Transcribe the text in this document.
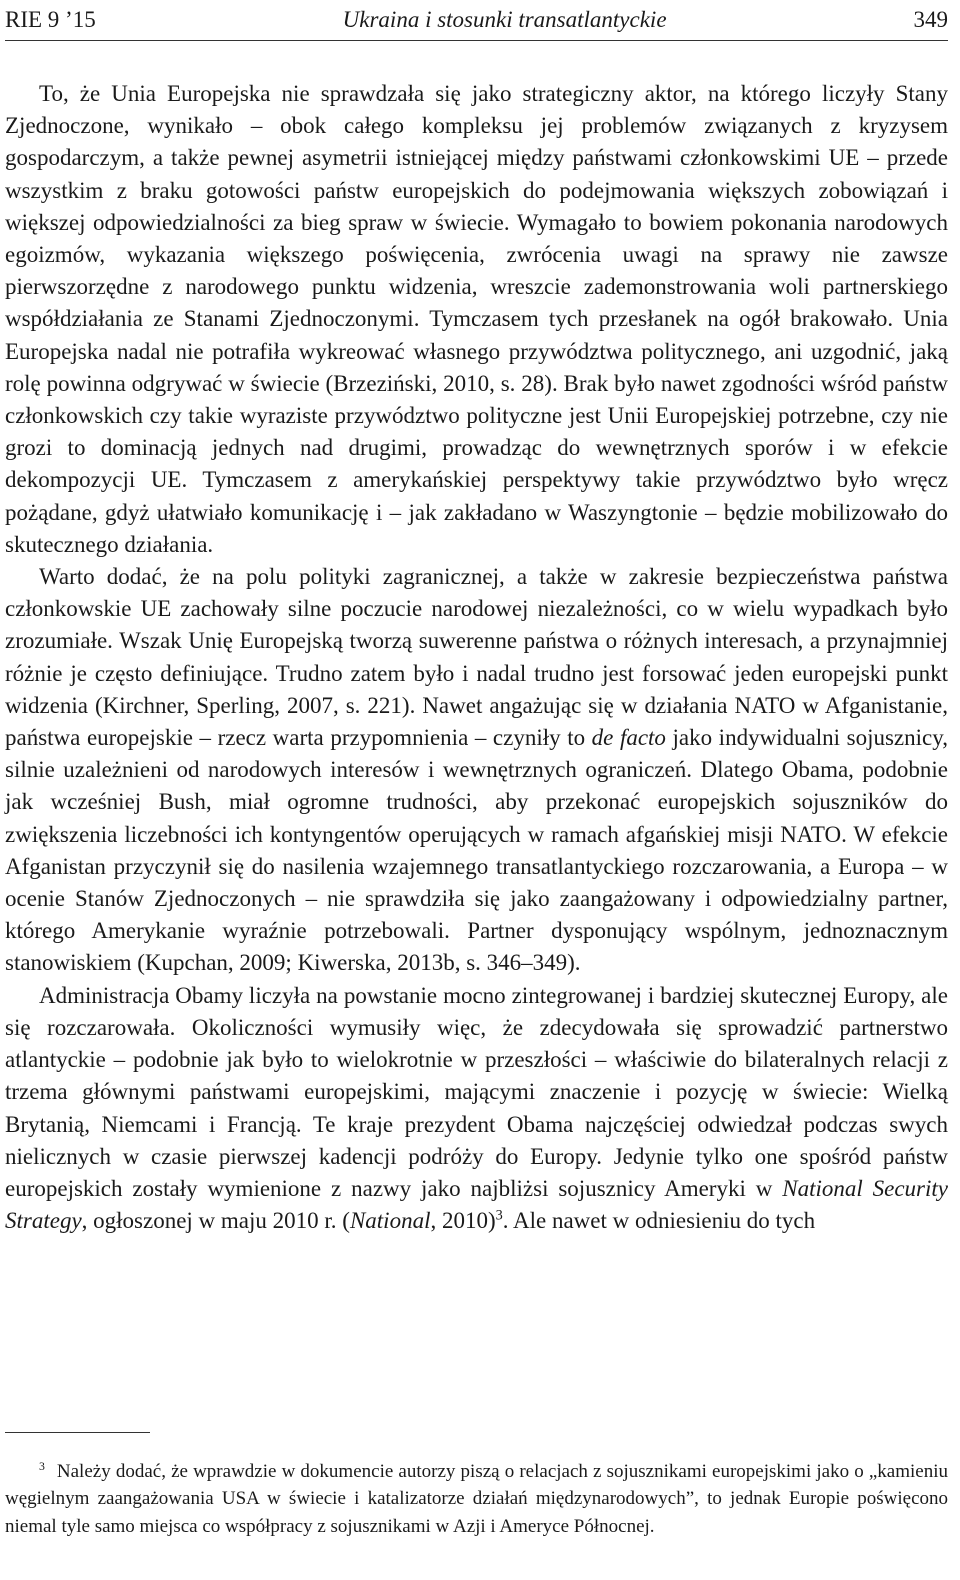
RIE 9 ’15	Ukraina i stosunki transatlantyckie	349

To, że Unia Europejska nie sprawdzała się jako strategiczny aktor, na którego liczyły Stany Zjednoczone, wynikało – obok całego kompleksu jej problemów związanych z kryzysem gospodarczym, a także pewnej asymetrii istniejącej między państwami członkowskimi UE – przede wszystkim z braku gotowości państw europejskich do podejmowania większych zobowiązań i większej odpowiedzialności za bieg spraw w świecie. Wymagało to bowiem pokonania narodowych egoizmów, wykazania większego poświęcenia, zwrócenia uwagi na sprawy nie zawsze pierwszorzędne z narodowego punktu widzenia, wreszcie zademonstrowania woli partnerskiego współdziałania ze Stanami Zjednoczonymi. Tymczasem tych przesłanek na ogół brakowało. Unia Europejska nadal nie potrafiła wykreować własnego przywództwa politycznego, ani uzgodnić, jaką rolę powinna odgrywać w świecie (Brzeziński, 2010, s. 28). Brak było nawet zgodności wśród państw członkowskich czy takie wyraziste przywództwo polityczne jest Unii Europejskiej potrzebne, czy nie grozi to dominacją jednych nad drugimi, prowadząc do wewnętrznych sporów i w efekcie dekompozycji UE. Tymczasem z amerykańskiej perspektywy takie przywództwo było wręcz pożądane, gdyż ułatwiało komunikację i – jak zakładano w Waszyngtonie – będzie mobilizowało do skutecznego działania.

Warto dodać, że na polu polityki zagranicznej, a także w zakresie bezpieczeństwa państwa członkowskie UE zachowały silne poczucie narodowej niezależności, co w wielu wypadkach było zrozumiałe. Wszak Unię Europejską tworzą suwerenne państwa o różnych interesach, a przynajmniej różnie je często definiujące. Trudno zatem było i nadal trudno jest forsować jeden europejski punkt widzenia (Kirchner, Sperling, 2007, s. 221). Nawet angażując się w działania NATO w Afganistanie, państwa europejskie – rzecz warta przypomnienia – czyniły to de facto jako indywidualni sojusznicy, silnie uzależnieni od narodowych interesów i wewnętrznych ograniczeń. Dlatego Obama, podobnie jak wcześniej Bush, miał ogromne trudności, aby przekonać europejskich sojuszników do zwiększenia liczebności ich kontyngentów operujących w ramach afgańskiej misji NATO. W efekcie Afganistan przyczynił się do nasilenia wzajemnego transatlantyckiego rozczarowania, a Europa – w ocenie Stanów Zjednoczonych – nie sprawdziła się jako zaangażowany i odpowiedzialny partner, którego Amerykanie wyraźnie potrzebowali. Partner dysponujący wspólnym, jednoznacznym stanowiskiem (Kupchan, 2009; Kiwerska, 2013b, s. 346–349).

Administracja Obamy liczyła na powstanie mocno zintegrowanej i bardziej skutecznej Europy, ale się rozczarowała. Okoliczności wymusiły więc, że zdecydowała się sprowadzić partnerstwo atlantyckie – podobnie jak było to wielokrotnie w przeszłości – właściwie do bilateralnych relacji z trzema głównymi państwami europejskimi, mającymi znaczenie i pozycję w świecie: Wielką Brytanią, Niemcami i Francją. Te kraje prezydent Obama najczęściej odwiedzał podczas swych nielicznych w czasie pierwszej kadencji podróży do Europy. Jedynie tylko one spośród państw europejskich zostały wymienione z nazwy jako najbliżsi sojusznicy Ameryki w National Security Strategy, ogłoszonej w maju 2010 r. (National, 2010)$^3$. Ale nawet w odniesieniu do tych

$^3$ Należy dodać, że wprawdzie w dokumencie autorzy piszą o relacjach z sojusznikami europejskimi jako o „kamieniu węgielnym zaangażowania USA w świecie i katalizatorze działań międzynarodowych”, to jednak Europie poświęcono niemal tyle samo miejsca co współpracy z sojusznikami w Azji i Ameryce Północnej.
